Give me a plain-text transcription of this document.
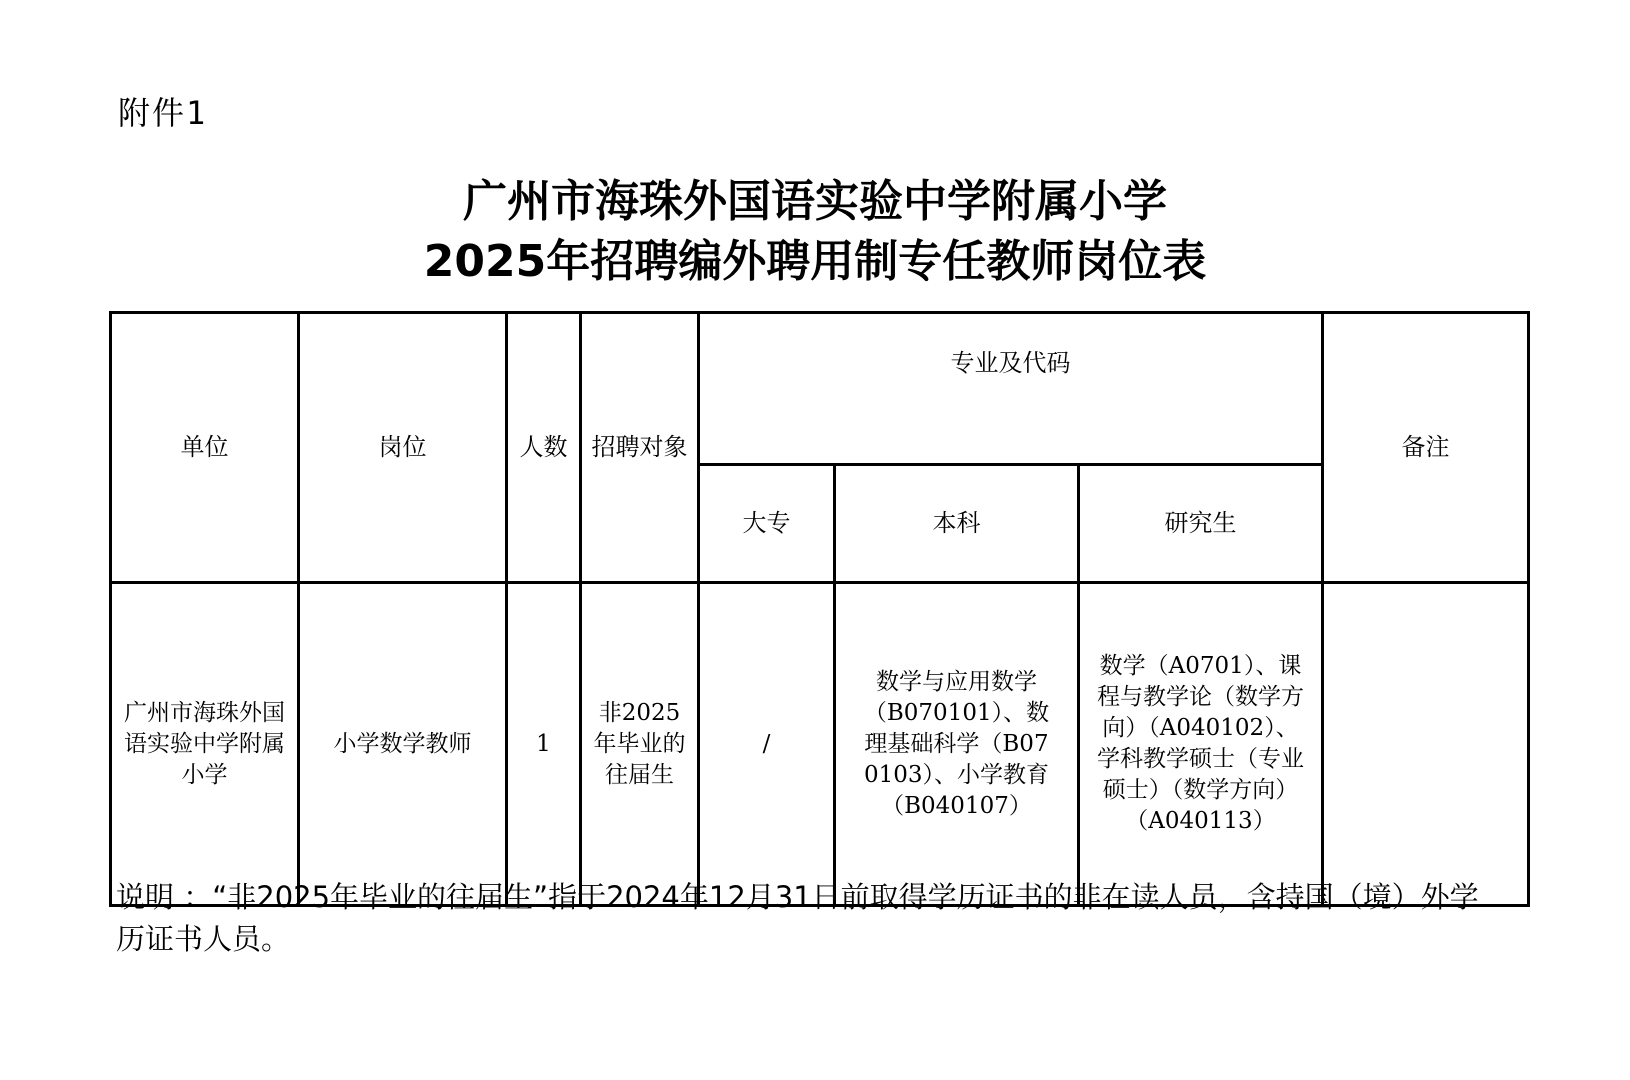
附件1
广州市海珠外国语实验中学附属小学
2025年招聘编外聘用制专任教师岗位表
单位	岗位	人数	招聘对象	专业及代码			备注
				大专	本科	研究生	
广州市海珠外国语实验中学附属小学	小学数学教师	1	非2025年毕业的往届生	/	数学与应用数学（B070101）、数理基础科学（B070103）、小学教育（B040107）	数学（A0701）、课程与教学论（数学方向）（A040102）、学科教学硕士（专业硕士）（数学方向）（A040113）	
说明 ：“非2025年毕业的往届生”指于2024年12月31日前取得学历证书的非在读人员，含持国（境）外学历证书人员。
